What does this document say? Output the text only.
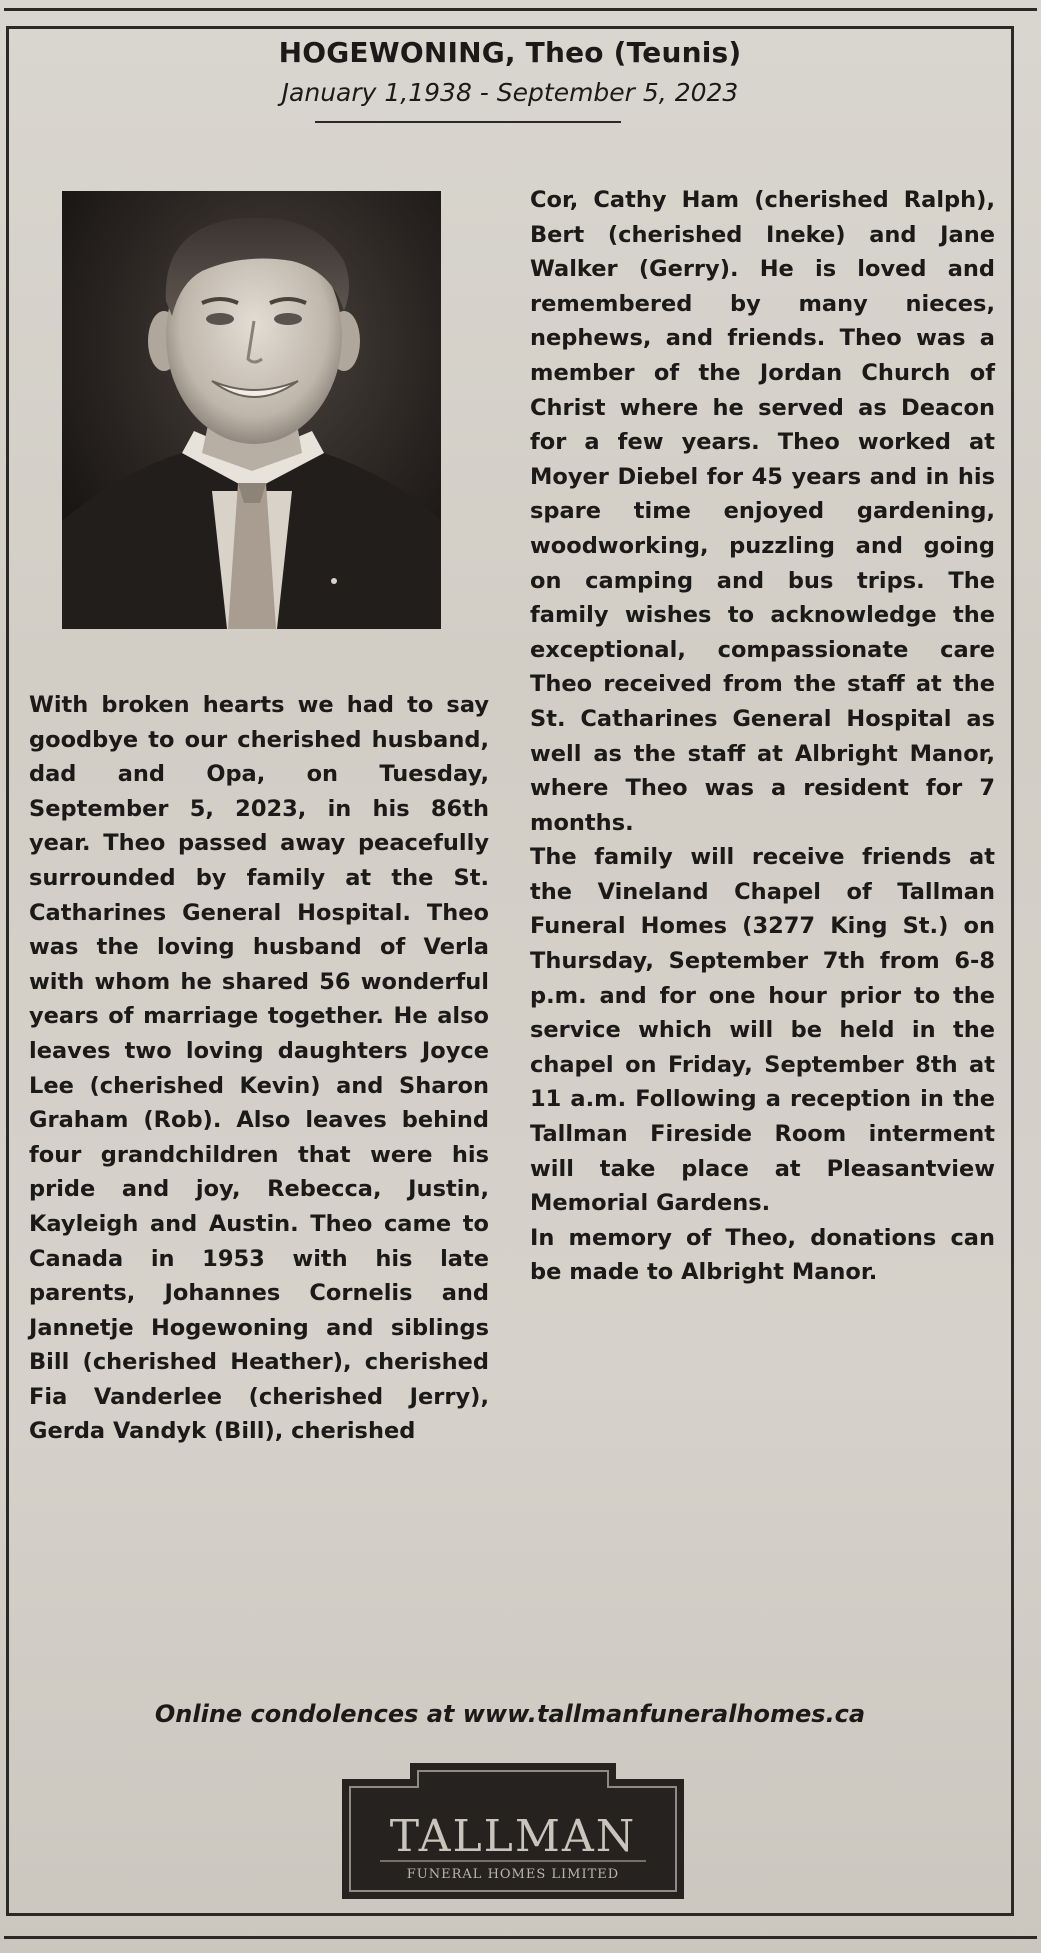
HOGEWONING, Theo (Teunis)
January 1,1938 - September 5, 2023

With broken hearts we had to say goodbye to our cherished husband, dad and Opa, on Tuesday, September 5, 2023, in his 86th year. Theo passed away peacefully surrounded by family at the St. Catharines General Hospital. Theo was the loving husband of Verla with whom he shared 56 wonderful years of marriage together. He also leaves two loving daughters Joyce Lee (cherished Kevin) and Sharon Graham (Rob). Also leaves behind four grandchildren that were his pride and joy, Rebecca, Justin, Kayleigh and Austin. Theo came to Canada in 1953 with his late parents, Johannes Cornelis and Jannetje Hogewoning and siblings Bill (cherished Heather), cherished Fia Vanderlee (cherished Jerry), Gerda Vandyk (Bill), cherished

Cor, Cathy Ham (cherished Ralph), Bert (cherished Ineke) and Jane Walker (Gerry). He is loved and remembered by many nieces, nephews, and friends. Theo was a member of the Jordan Church of Christ where he served as Deacon for a few years. Theo worked at Moyer Diebel for 45 years and in his spare time enjoyed gardening, woodworking, puzzling and going on camping and bus trips. The family wishes to acknowledge the exceptional, compassionate care Theo received from the staff at the St. Catharines General Hospital as well as the staff at Albright Manor, where Theo was a resident for 7 months.

The family will receive friends at the Vineland Chapel of Tallman Funeral Homes (3277 King St.) on Thursday, September 7th from 6-8 p.m. and for one hour prior to the service which will be held in the chapel on Friday, September 8th at 11 a.m. Following a reception in the Tallman Fireside Room interment will take place at Pleasantview Memorial Gardens.

In memory of Theo, donations can be made to Albright Manor.

Online condolences at www.tallmanfuneralhomes.ca
TALLMAN
FUNERAL HOMES LIMITED
